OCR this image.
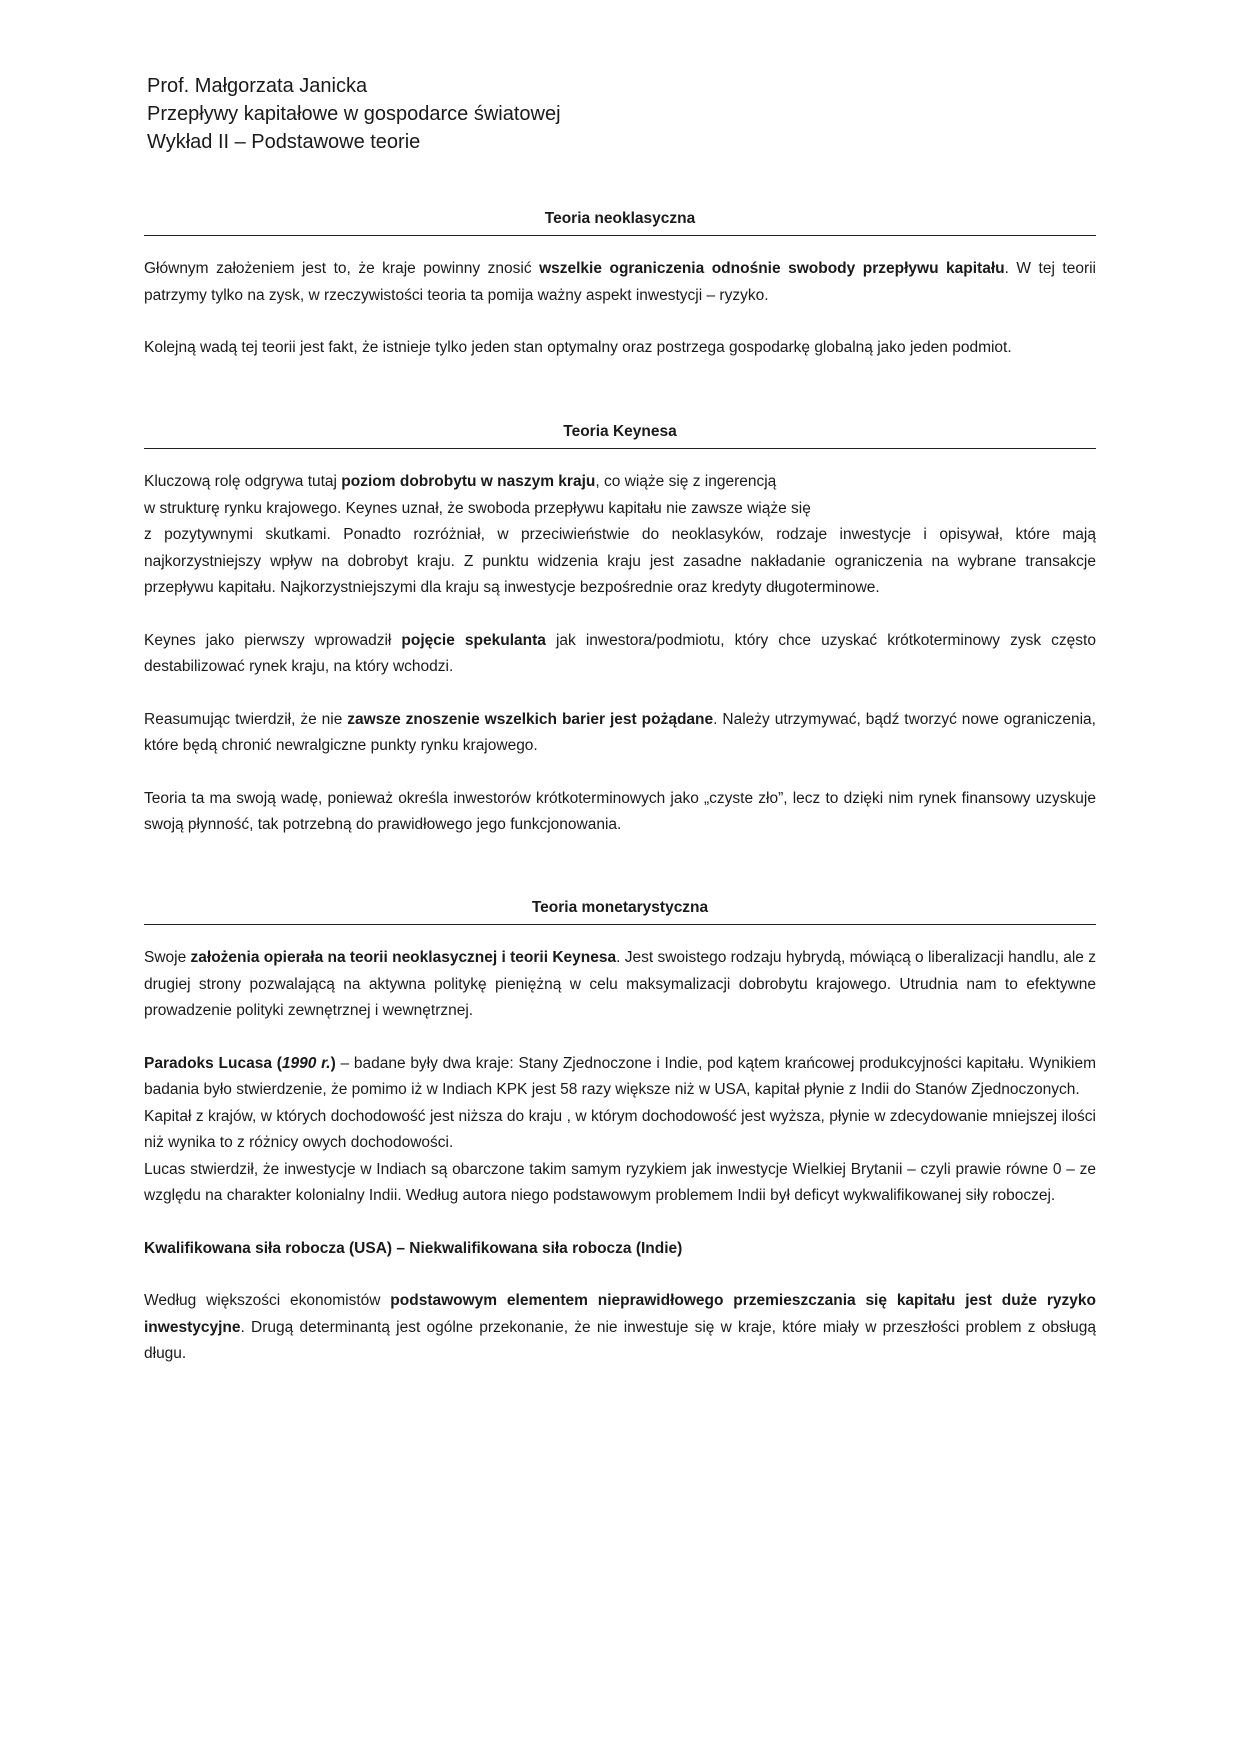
Prof. Małgorzata Janicka
Przepływy kapitałowe w gospodarce światowej
Wykład II – Podstawowe teorie
Teoria neoklasyczna

Głównym założeniem jest to, że kraje powinny znosić wszelkie ograniczenia odnośnie swobody przepływu kapitału. W tej teorii patrzymy tylko na zysk, w rzeczywistości teoria ta pomija ważny aspekt inwestycji – ryzyko.

Kolejną wadą tej teorii jest fakt, że istnieje tylko jeden stan optymalny oraz postrzega gospodarkę globalną jako jeden podmiot.

Teoria Keynesa

Kluczową rolę odgrywa tutaj poziom dobrobytu w naszym kraju, co wiąże się z ingerencją
w strukturę rynku krajowego. Keynes uznał, że swoboda przepływu kapitału nie zawsze wiąże się
z pozytywnymi skutkami. Ponadto rozróżniał, w przeciwieństwie do neoklasyków, rodzaje inwestycje i opisywał, które mają najkorzystniejszy wpływ na dobrobyt kraju. Z punktu widzenia kraju jest zasadne nakładanie ograniczenia na wybrane transakcje przepływu kapitału. Najkorzystniejszymi dla kraju są inwestycje bezpośrednie oraz kredyty długoterminowe.

Keynes jako pierwszy wprowadził pojęcie spekulanta jak inwestora/podmiotu, który chce uzyskać krótkoterminowy zysk często destabilizować rynek kraju, na który wchodzi.

Reasumując twierdził, że nie zawsze znoszenie wszelkich barier jest pożądane. Należy utrzymywać, bądź tworzyć nowe ograniczenia, które będą chronić newralgiczne punkty rynku krajowego.

Teoria ta ma swoją wadę, ponieważ określa inwestorów krótkoterminowych jako „czyste zło”, lecz to dzięki nim rynek finansowy uzyskuje swoją płynność, tak potrzebną do prawidłowego jego funkcjonowania.

Teoria monetarystyczna

Swoje założenia opierała na teorii neoklasycznej i teorii Keynesa. Jest swoistego rodzaju hybrydą, mówiącą o liberalizacji handlu, ale z drugiej strony pozwalającą na aktywna politykę pieniężną w celu maksymalizacji dobrobytu krajowego. Utrudnia nam to efektywne prowadzenie polityki zewnętrznej i wewnętrznej.

Paradoks Lucasa (1990 r.) – badane były dwa kraje: Stany Zjednoczone i Indie, pod kątem krańcowej produkcyjności kapitału. Wynikiem badania było stwierdzenie, że pomimo iż w Indiach KPK jest 58 razy większe niż w USA, kapitał płynie z Indii do Stanów Zjednoczonych.

Kapitał z krajów, w których dochodowość jest niższa do kraju , w którym dochodowość jest wyższa, płynie w zdecydowanie mniejszej ilości niż wynika to z różnicy owych dochodowości.

Lucas stwierdził, że inwestycje w Indiach są obarczone takim samym ryzykiem jak inwestycje Wielkiej Brytanii – czyli prawie równe 0 – ze względu na charakter kolonialny Indii. Według autora niego podstawowym problemem Indii był deficyt wykwalifikowanej siły roboczej.

Kwalifikowana siła robocza (USA) – Niekwalifikowana siła robocza (Indie)

Według większości ekonomistów podstawowym elementem nieprawidłowego przemieszczania się kapitału jest duże ryzyko inwestycyjne. Drugą determinantą jest ogólne przekonanie, że nie inwestuje się w kraje, które miały w przeszłości problem z obsługą długu.
